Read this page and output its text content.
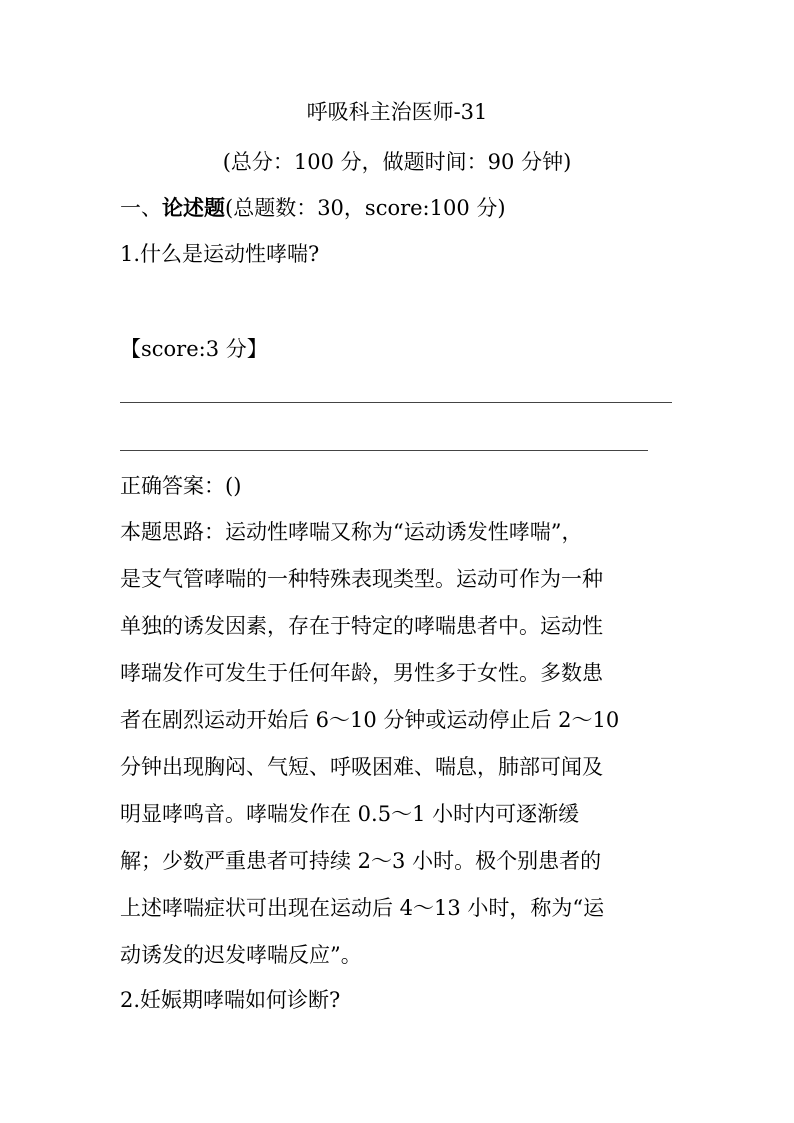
呼吸科主治医师-31
(总分：100 分，做题时间：90 分钟)
一、论述题(总题数：30，score:100 分)
1.什么是运动性哮喘?
【score:3 分】
正确答案：()
本题思路：运动性哮喘又称为“运动诱发性哮喘”，
是支气管哮喘的一种特殊表现类型。运动可作为一种
单独的诱发因素，存在于特定的哮喘患者中。运动性
哮瑞发作可发生于任何年龄，男性多于女性。多数患
者在剧烈运动开始后 6～10 分钟或运动停止后 2～10
分钟出现胸闷、气短、呼吸困难、喘息，肺部可闻及
明显哮鸣音。哮喘发作在 0.5～1 小时内可逐渐缓
解；少数严重患者可持续 2～3 小时。极个别患者的
上述哮喘症状可出现在运动后 4～13 小时，称为“运
动诱发的迟发哮喘反应”。
2.妊娠期哮喘如何诊断?
